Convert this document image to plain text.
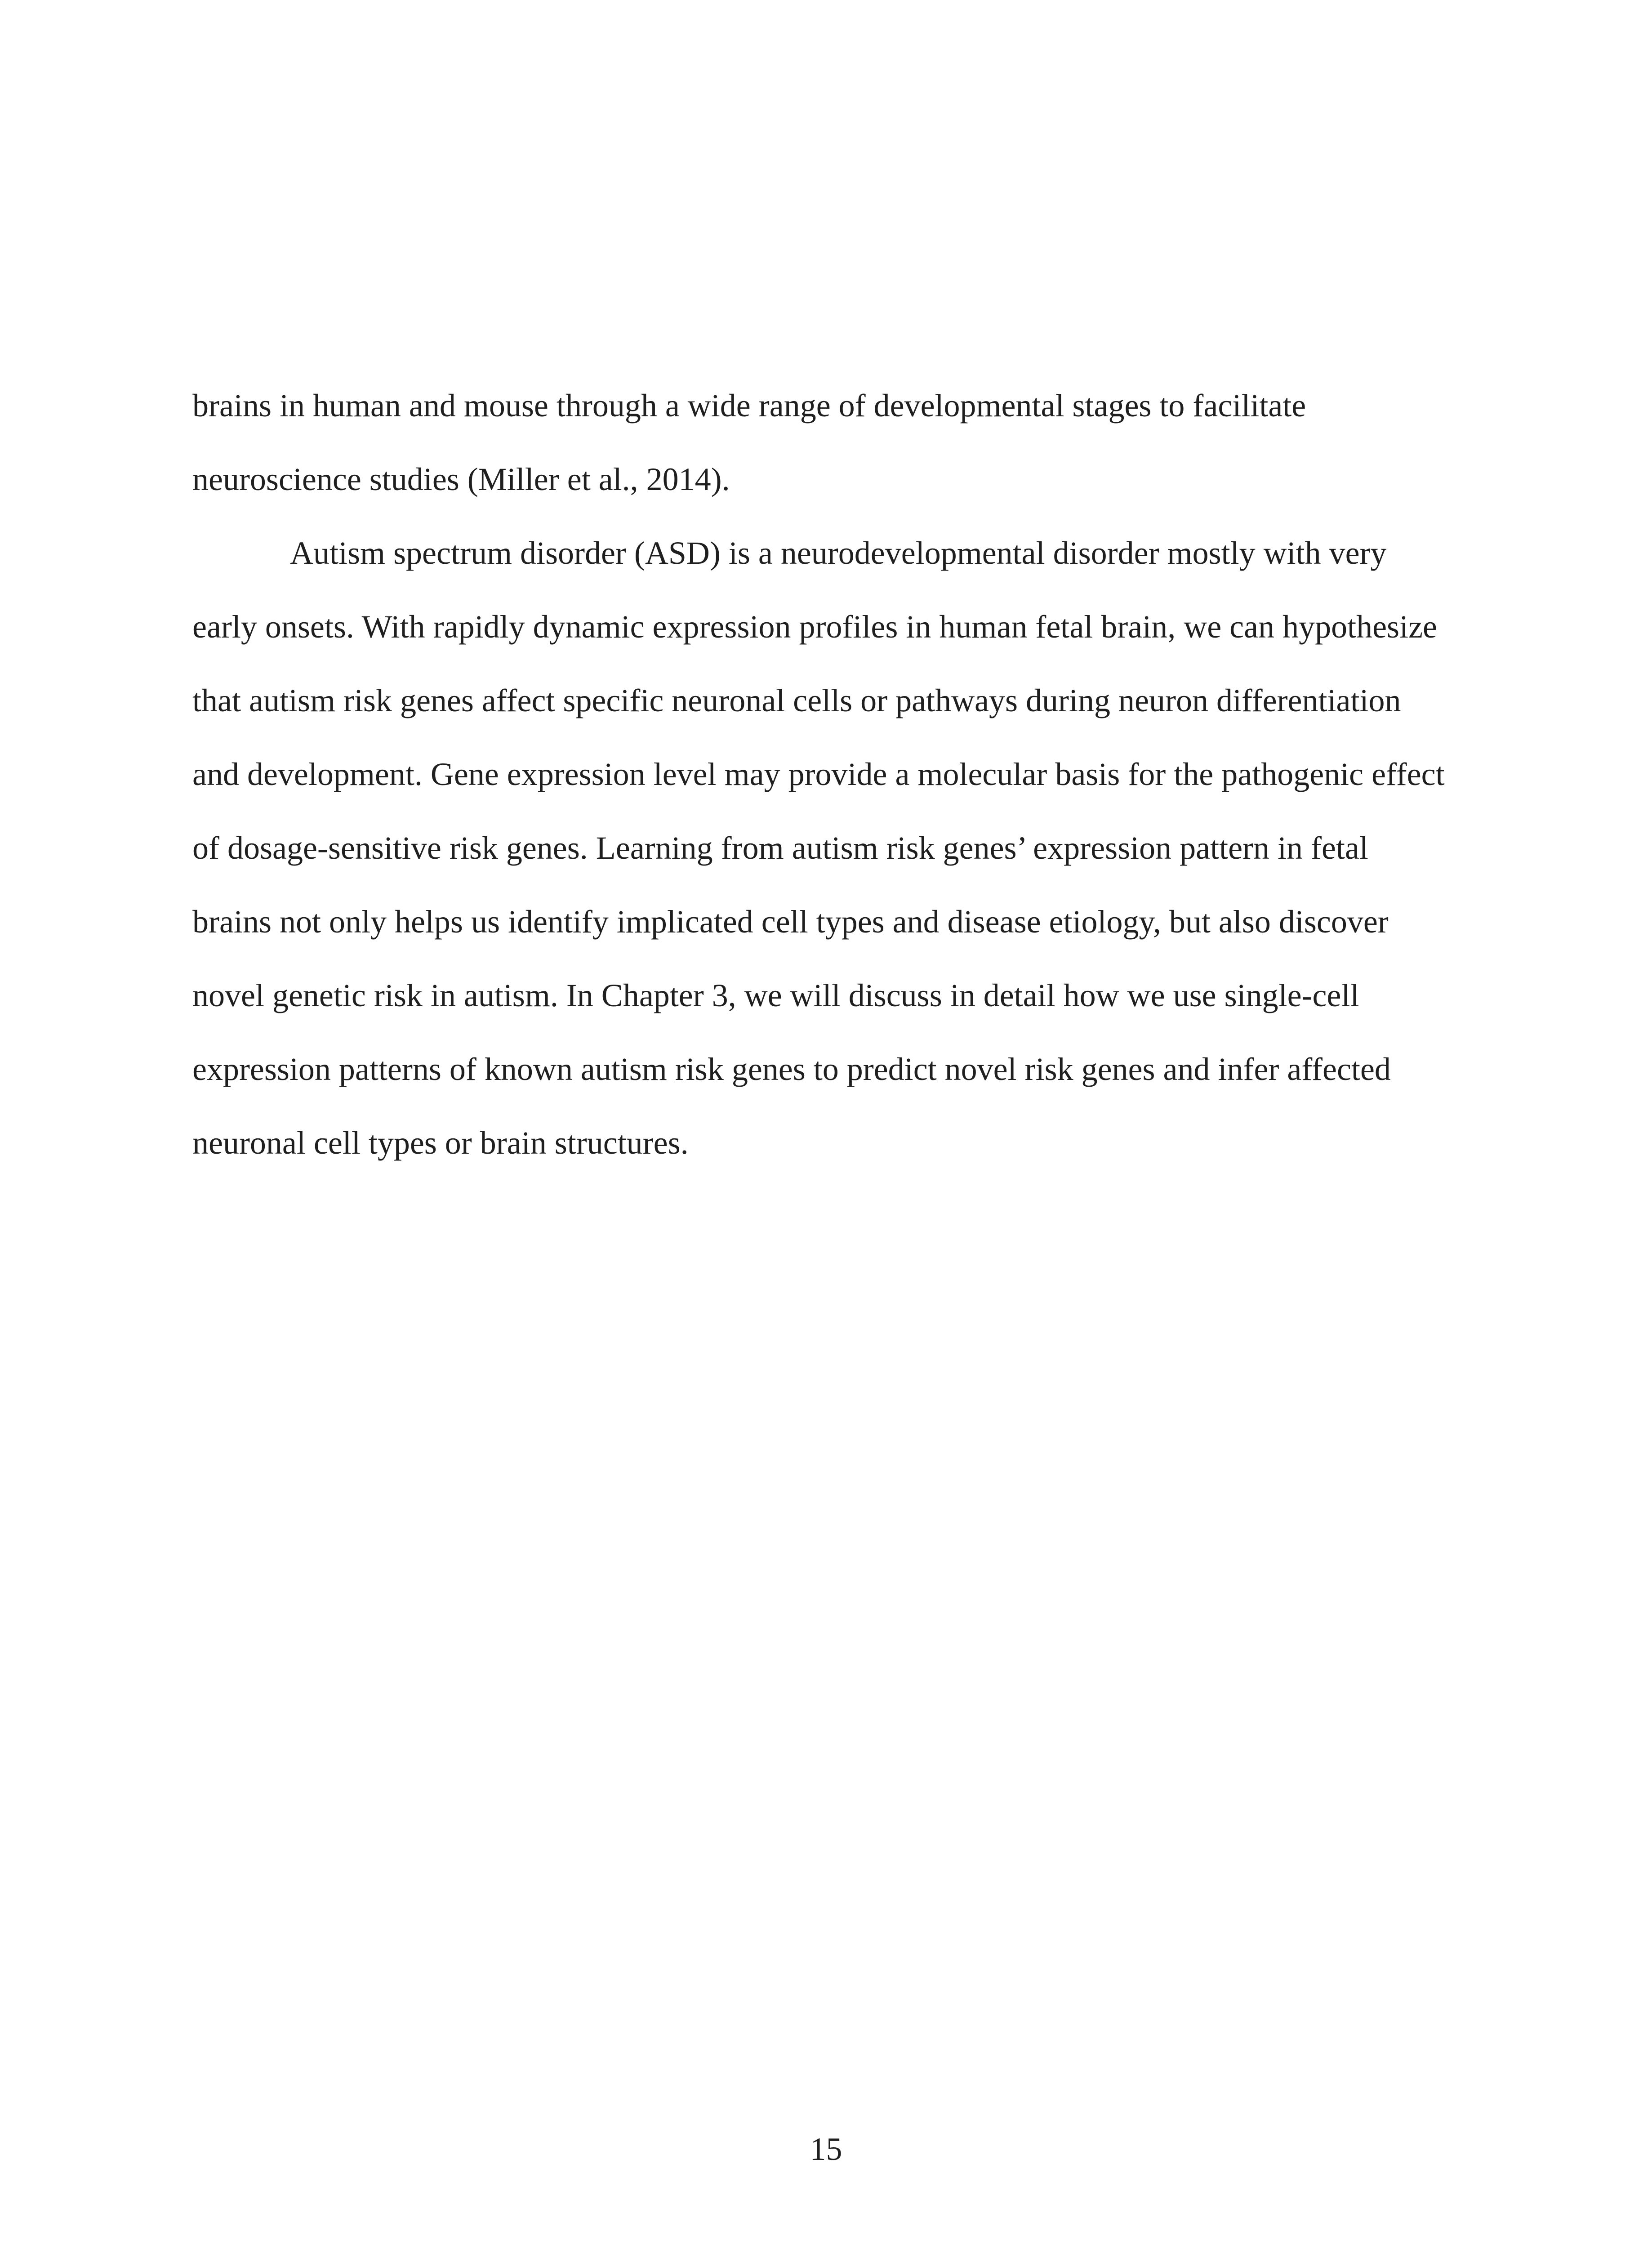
brains in human and mouse through a wide range of developmental stages to facilitate
neuroscience studies (Miller et al., 2014).
Autism spectrum disorder (ASD) is a neurodevelopmental disorder mostly with very
early onsets. With rapidly dynamic expression profiles in human fetal brain, we can hypothesize
that autism risk genes affect specific neuronal cells or pathways during neuron differentiation
and development. Gene expression level may provide a molecular basis for the pathogenic effect
of dosage-sensitive risk genes. Learning from autism risk genes’ expression pattern in fetal
brains not only helps us identify implicated cell types and disease etiology, but also discover
novel genetic risk in autism. In Chapter 3, we will discuss in detail how we use single-cell
expression patterns of known autism risk genes to predict novel risk genes and infer affected
neuronal cell types or brain structures.
15
